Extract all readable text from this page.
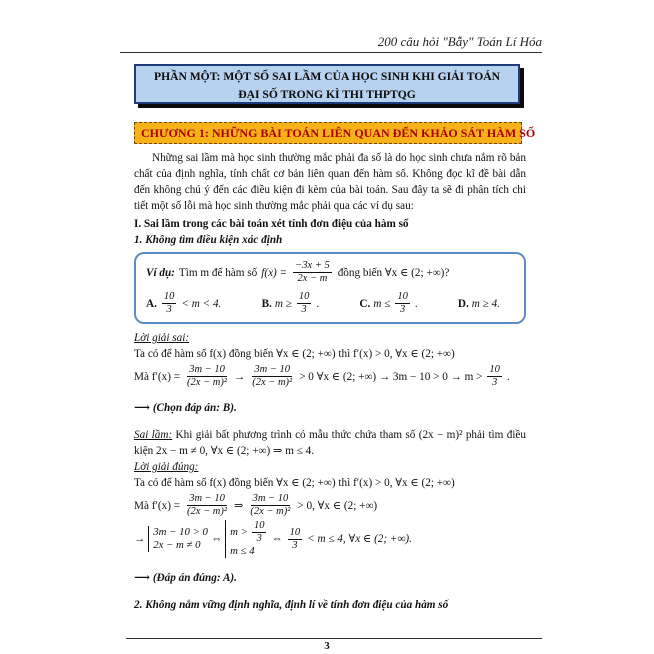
200 câu hỏi "Bẫy" Toán Lí Hóa
PHẦN MỘT: MỘT SỐ SAI LẦM CỦA HỌC SINH KHI GIẢI TOÁN
ĐẠI SỐ TRONG KÌ THI THPTQG
CHƯƠNG 1: NHỮNG BÀI TOÁN LIÊN QUAN ĐẾN KHẢO SÁT HÀM SỐ

Những sai lầm mà học sinh thường mắc phải đa số là do học sinh chưa nắm rõ bản chất của định nghĩa, tính chất cơ bản liên quan đến hàm số. Không đọc kĩ đề bài dẫn đến không chú ý đến các điều kiện đi kèm của bài toán. Sau đây ta sẽ đi phân tích chi tiết một số lỗi mà học sinh thường mắc phải qua các ví dụ sau:

I. Sai lầm trong các bài toán xét tính đơn điệu của hàm số

1. Không tìm điều kiện xác định

Ví dụ: Tìm m để hàm số $f(x) = \frac{-3x + 5}{2x - m}$ đồng biến ∀x ∈ (2; +∞)?
A. $\frac{10}{3} < m < 4$.	B. $m \ge \frac{10}{3}$ .	C. $m \le \frac{10}{3}$ .	D. m ≥ 4.

Lời giải sai:

Ta có để hàm số f(x) đồng biến ∀x ∈ (2; +∞) thì f′(x) > 0, ∀x ∈ (2; +∞)

Mà $f'(x) = \frac{3m - 10}{\text{(2x − m)²}} \to \frac{3m - 10}{\text{(2x − m)²}} > 0$ ∀x ∈ (2; +∞) → $3m - 10 > 0 \to m > \frac{10}{3}$ .

⟶ (Chọn đáp án: B).

Sai lầm: Khi giải bất phương trình có mẫu thức chứa tham số (2x − m)² phải tìm điều kiện 2x − m ≠ 0, ∀x ∈ (2; +∞) ⇒ m ≤ 4.

Lời giải đúng:

Ta có để hàm số f(x) đồng biến ∀x ∈ (2; +∞) thì f′(x) > 0, ∀x ∈ (2; +∞)

Mà $f'(x) = \frac{3m - 10}{\text{(2x − m)²}}$ ⇒ $\frac{3m - 10}{\text{(2x − m)²}} > 0$, ∀x ∈ (2; +∞)
→
3m − 10 > 0
2x − m ≠ 0 ⇔
$m > \frac{10}{3}$
m ≤ 4
⇔ $\frac{10}{3} < m \le 4$, ∀x ∈ (2; +∞).

⟶ (Đáp án đúng: A).

2. Không nắm vững định nghĩa, định lí về tính đơn điệu của hàm số

3
